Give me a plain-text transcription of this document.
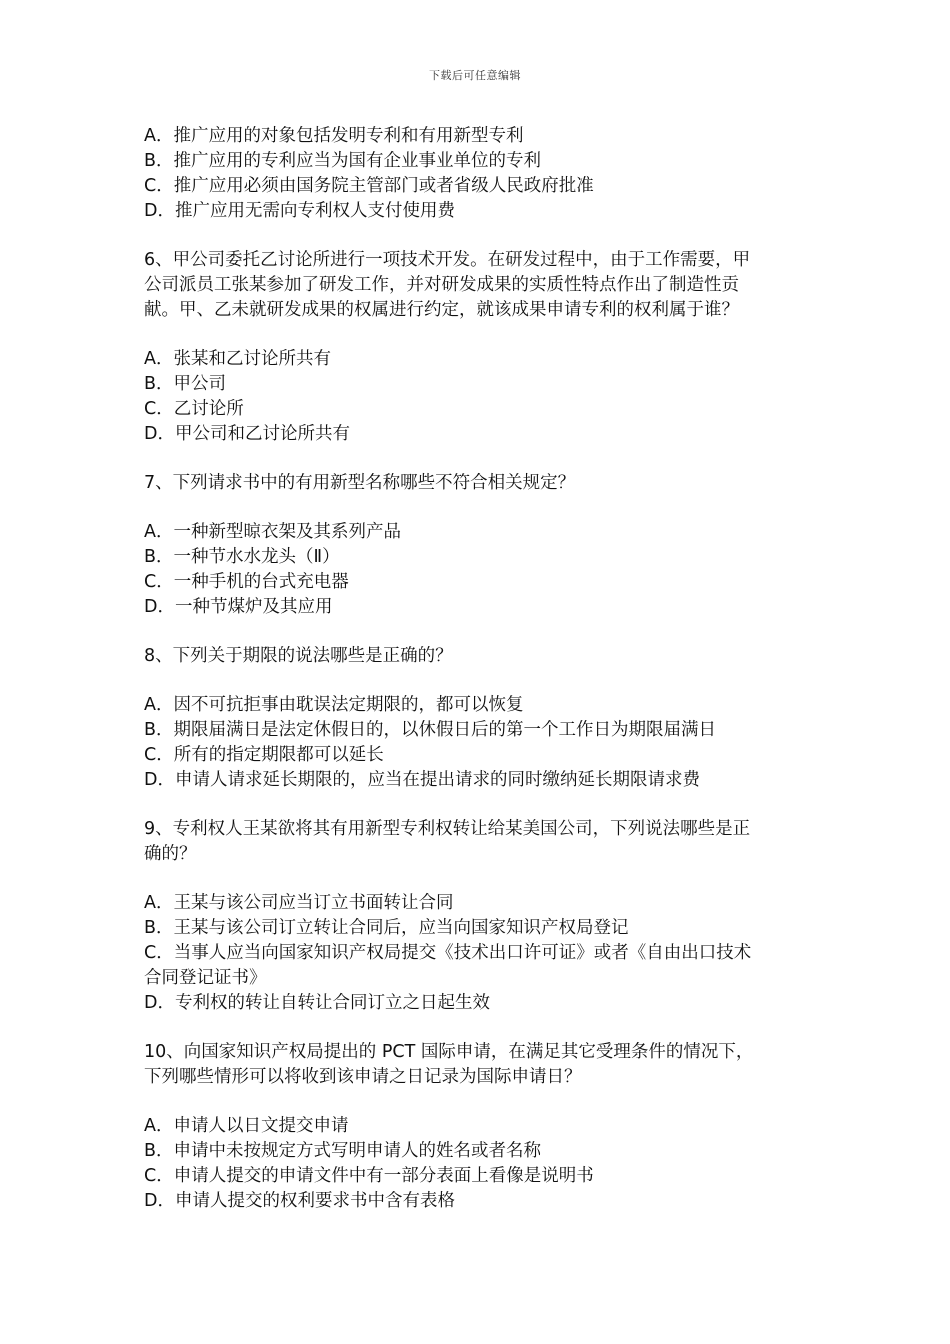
下载后可任意编辑
A．推广应用的对象包括发明专利和有用新型专利
B．推广应用的专利应当为国有企业事业单位的专利
C．推广应用必须由国务院主管部门或者省级人民政府批准
D．推广应用无需向专利权人支付使用费
6、甲公司委托乙讨论所进行一项技术开发。在研发过程中，由于工作需要，甲
公司派员工张某参加了研发工作，并对研发成果的实质性特点作出了制造性贡
献。甲、乙未就研发成果的权属进行约定，就该成果申请专利的权利属于谁？
A．张某和乙讨论所共有
B．甲公司
C．乙讨论所
D．甲公司和乙讨论所共有
7、下列请求书中的有用新型名称哪些不符合相关规定？
A．一种新型晾衣架及其系列产品
B．一种节水水龙头（Ⅱ）
C．一种手机的台式充电器
D．一种节煤炉及其应用
8、下列关于期限的说法哪些是正确的？
A．因不可抗拒事由耽误法定期限的，都可以恢复
B．期限届满日是法定休假日的，以休假日后的第一个工作日为期限届满日
C．所有的指定期限都可以延长
D．申请人请求延长期限的，应当在提出请求的同时缴纳延长期限请求费
9、专利权人王某欲将其有用新型专利权转让给某美国公司，下列说法哪些是正
确的？
A．王某与该公司应当订立书面转让合同
B．王某与该公司订立转让合同后，应当向国家知识产权局登记
C．当事人应当向国家知识产权局提交《技术出口许可证》或者《自由出口技术
合同登记证书》
D．专利权的转让自转让合同订立之日起生效
10、向国家知识产权局提出的 PCT 国际申请，在满足其它受理条件的情况下，
下列哪些情形可以将收到该申请之日记录为国际申请日？
A．申请人以日文提交申请
B．申请中未按规定方式写明申请人的姓名或者名称
C．申请人提交的申请文件中有一部分表面上看像是说明书
D．申请人提交的权利要求书中含有表格
